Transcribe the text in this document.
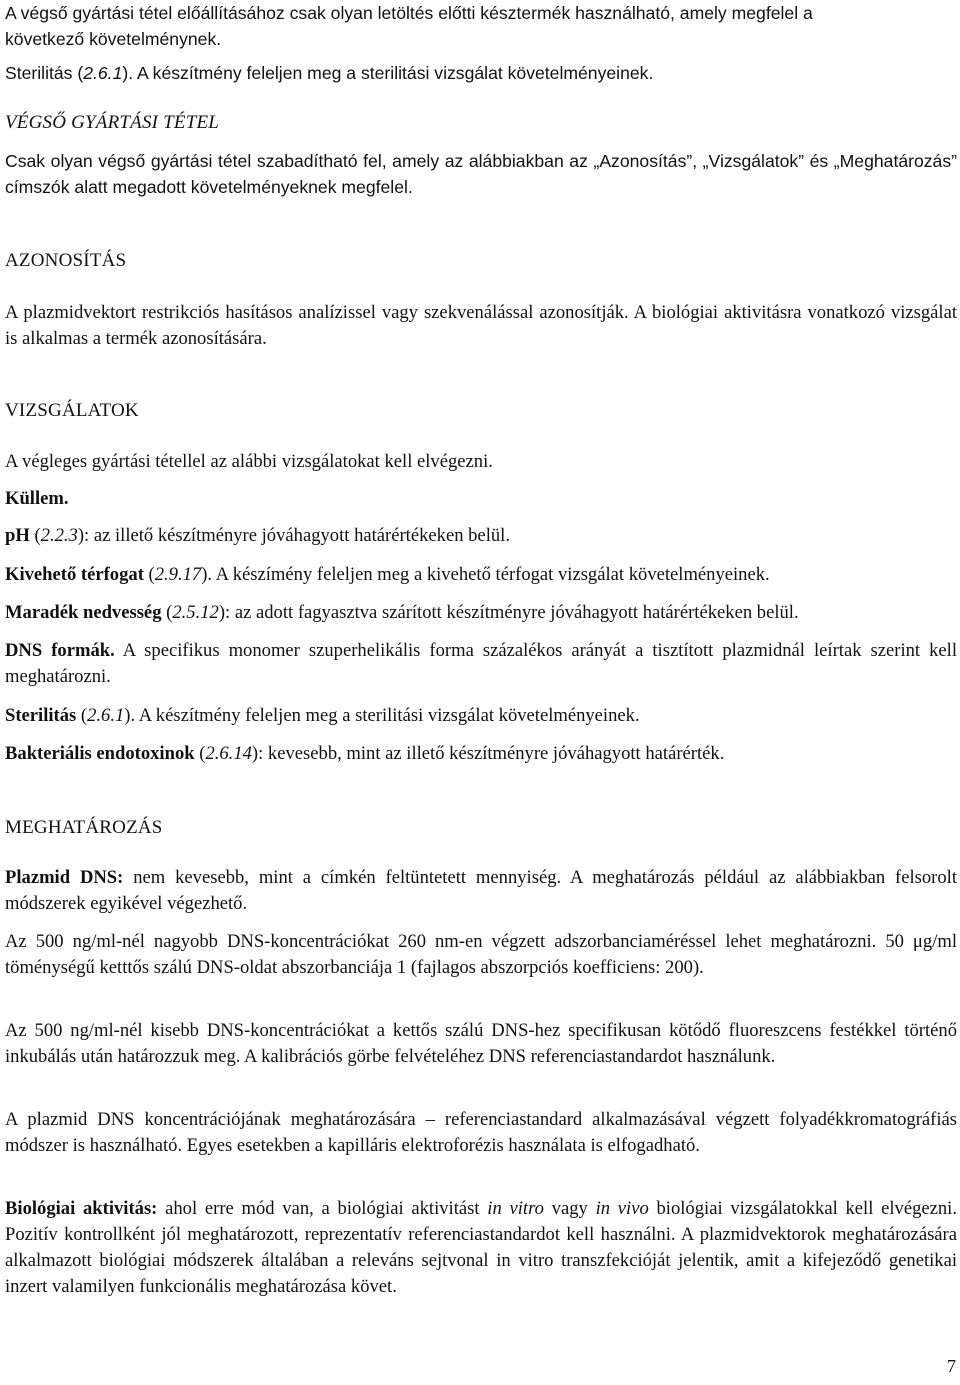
A végső gyártási tétel előállításához csak olyan letöltés előtti késztermék használható, amely megfelel a
következő követelménynek.

Sterilitás (2.6.1). A készítmény feleljen meg a sterilitási vizsgálat követelményeinek.

VÉGSŐ GYÁRTÁSI TÉTEL

Csak olyan végső gyártási tétel szabadítható fel, amely az alábbiakban az „Azonosítás”, „Vizsgálatok” és „Meghatározás” címszók alatt megadott követelményeknek megfelel.

AZONOSÍTÁS

A plazmidvektort restrikciós hasításos analízissel vagy szekvenálással azonosítják. A biológiai aktivitásra vonatkozó vizsgálat is alkalmas a termék azonosítására.

VIZSGÁLATOK

A végleges gyártási tétellel az alábbi vizsgálatokat kell elvégezni.

Küllem.

pH (2.2.3): az illető készítményre jóváhagyott határértékeken belül.

Kivehető térfogat (2.9.17). A készímény feleljen meg a kivehető térfogat vizsgálat követelményeinek.

Maradék nedvesség (2.5.12): az adott fagyasztva szárított készítményre jóváhagyott határértékeken belül.

DNS formák. A specifikus monomer szuperhelikális forma százalékos arányát a tisztított plazmidnál leírtak szerint kell meghatározni.

Sterilitás (2.6.1). A készítmény feleljen meg a sterilitási vizsgálat követelményeinek.

Bakteriális endotoxinok (2.6.14): kevesebb, mint az illető készítményre jóváhagyott határérték.

MEGHATÁROZÁS

Plazmid DNS: nem kevesebb, mint a címkén feltüntetett mennyiség. A meghatározás például az alábbiakban felsorolt módszerek egyikével végezhető.

Az 500 ng/ml-nél nagyobb DNS-koncentrációkat 260 nm-en végzett adszorbanciaméréssel lehet meghatározni. 50 μg/ml töménységű ketttős szálú DNS-oldat abszorbanciája 1 (fajlagos abszorpciós koefficiens: 200).

Az 500 ng/ml-nél kisebb DNS-koncentrációkat a kettős szálú DNS-hez specifikusan kötődő fluoreszcens festékkel történő inkubálás után határozzuk meg. A kalibrációs görbe felvételéhez DNS referenciastandardot használunk.

A plazmid DNS koncentrációjának meghatározására – referenciastandard alkalmazásával végzett folyadékkromatográfiás módszer is használható. Egyes esetekben a kapilláris elektroforézis használata is elfogadható.

Biológiai aktivitás: ahol erre mód van, a biológiai aktivitást in vitro vagy in vivo biológiai vizsgálatokkal kell elvégezni. Pozitív kontrollként jól meghatározott, reprezentatív referenciastandardot kell használni. A plazmidvektorok meghatározására alkalmazott biológiai módszerek általában a releváns sejtvonal in vitro transzfekcióját jelentik, amit a kifejeződő genetikai inzert valamilyen funkcionális meghatározása követ.

7
